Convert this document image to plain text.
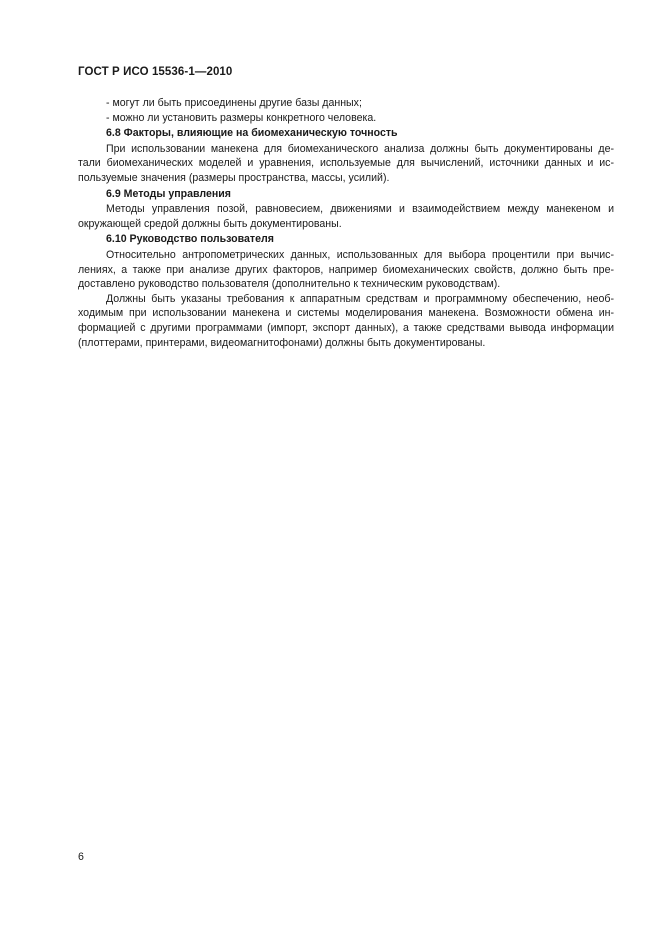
ГОСТ Р ИСО 15536-1—2010
- могут ли быть присоединены другие базы данных;
- можно ли установить размеры конкретного человека.
6.8 Факторы, влияющие на биомеханическую точность
При использовании манекена для биомеханического анализа должны быть документированы де-
тали биомеханических моделей и уравнения, используемые для вычислений, источники данных и ис-
пользуемые значения (размеры пространства, массы, усилий).
6.9 Методы управления
Методы управления позой, равновесием, движениями и взаимодействием между манекеном и
окружающей средой должны быть документированы.
6.10 Руководство пользователя
Относительно антропометрических данных, использованных для выбора процентили при вычис-
лениях, а также при анализе других факторов, например биомеханических свойств, должно быть пре-
доставлено руководство пользователя (дополнительно к техническим руководствам).
Должны быть указаны требования к аппаратным средствам и программному обеспечению, необ-
ходимым при использовании манекена и системы моделирования манекена. Возможности обмена ин-
формацией с другими программами (импорт, экспорт данных), а также средствами вывода информации
(плоттерами, принтерами, видеомагнитофонами) должны быть документированы.
6
